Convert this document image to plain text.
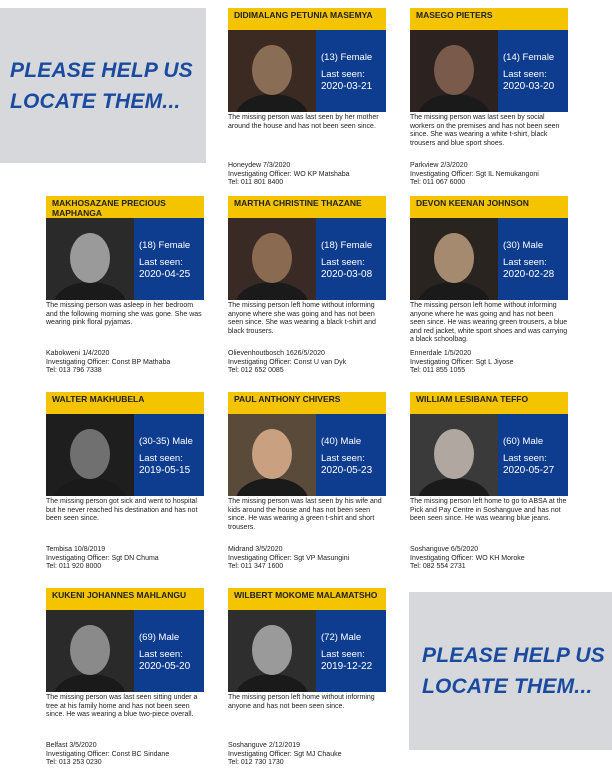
PLEASE HELP US
LOCATE THEM...
PLEASE HELP US
LOCATE THEM...
DIDIMALANG PETUNIA MASEMYA
(13) Female
Last seen:
2020-03-21
The missing person was last seen by her mother around the house and has not been seen since.
Honeydew 7/3/2020
Investigating Officer: WO KP Matshaba
Tel: 011 801 8400
MASEGO PIETERS
(14) Female
Last seen:
2020-03-20
The missing person was last seen by social workers on the premises and has not been seen since. She was wearing a white t-shirt, black trousers and blue sport shoes.
Parkview 2/3/2020
Investigating Officer: Sgt IL Nemukangoni
Tel: 011 067 6000
MAKHOSAZANE PRECIOUS MAPHANGA
(18) Female
Last seen:
2020-04-25
The missing person was asleep in her bedroom and the following morning she was gone. She was wearing pink floral pyjamas.
Kabokweni 1/4/2020
Investigating Officer: Const BP Mathaba
Tel: 013 796 7338
MARTHA CHRISTINE THAZANE
(18) Female
Last seen:
2020-03-08
The missing person left home without informing anyone where she was going and has not been seen since. She was wearing a black t-shirt and black trousers.
Olievenhoutbosch 1626/5/2020
Investigating Officer: Const U van Dyk
Tel: 012 652 0085
DEVON KEENAN JOHNSON
(30) Male
Last seen:
2020-02-28
The missing person left home without informing anyone where he was going and has not been seen since. He was wearing green trousers, a blue and red jacket, white sport shoes and was carrying a black schoolbag.
Ennerdale 1/5/2020
Investigating Officer: Sgt L Jiyose
Tel: 011 855 1055
WALTER MAKHUBELA
(30-35) Male
Last seen:
2019-05-15
The missing person got sick and went to hospital but he never reached his destination and has not been seen since.
Tembisa 10/8/2019
Investigating Officer: Sgt DN Chuma
Tel: 011 920 8000
PAUL ANTHONY CHIVERS
(40) Male
Last seen:
2020-05-23
The missing person was last seen by his wife and kids around the house and has not been seen since. He was wearing a green t-shirt and short trousers.
Midrand 3/5/2020
Investigating Officer: Sgt VP Masungini
Tel: 011 347 1600
WILLIAM LESIBANA TEFFO
(60) Male
Last seen:
2020-05-27
The missing person left home to go to ABSA at the Pick and Pay Centre in Soshanguve and has not been seen since. He was wearing blue jeans.
Soshanguve 6/5/2020
Investigating Officer: WO KH Moroke
Tel: 082 554 2731
KUKENI JOHANNES MAHLANGU
(69) Male
Last seen:
2020-05-20
The missing person was last seen sitting under a tree at his family home and has not been seen since. He was wearing a blue two-piece overall.
Belfast 3/5/2020
Investigating Officer: Const BC Sindane
Tel: 013 253 0230
WILBERT MOKOME MALAMATSHO
(72) Male
Last seen:
2019-12-22
The missing person left home without informing anyone and has not been seen since.
Soshanguve 2/12/2019
Investigating Officer: Sgt MJ Chauke
Tel: 012 730 1730
